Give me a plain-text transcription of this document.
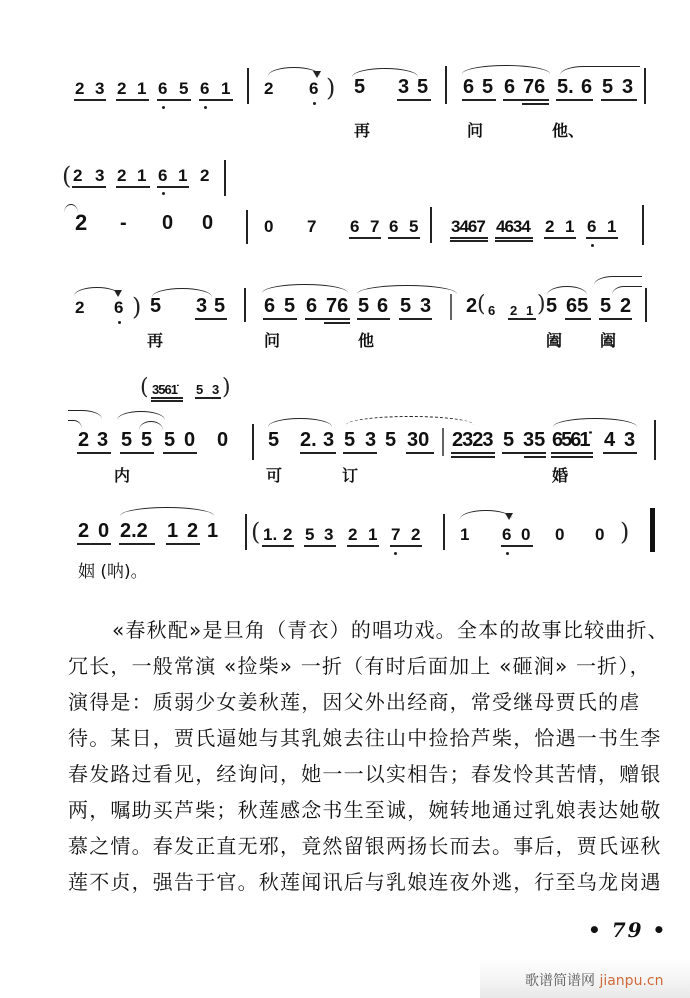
2 3 2 1 6 5 6 1 2 6 ) 5 3 5 6 5 6 76 5. 6 5 3
再	问	他、
( 2 3 2 1 6 1 2
2 - 0 0	0 7 6 7 6 5 3467 4634 2 1 6 1
2 6 ) 5 3 5 6 5 6 76 5 6 5 3 2 ( 6 2 1 ) 5 65 5 2
再	问	他	阖 阖
( 3561̇ 5 3 )
2 3 5 5 5 0 0 5 2. 3 5 3 5 30 2323 5 35 6561̇ 4 3
内	可	订	婚
2 0 2.2 1 2 1 ( 1. 2 5 3 2 1 7 2 1 6 0 0 0 )
姻 (呐)。

«春秋配»是旦角（青衣）的唱功戏。全本的故事比较曲折、

冗长，一般常演 «捡柴» 一折（有时后面加上 «砸涧» 一折），

演得是：质弱少女姜秋莲，因父外出经商，常受继母贾氏的虐

待。某日，贾氏逼她与其乳娘去往山中捡拾芦柴，恰遇一书生李

春发路过看见，经询问，她一一以实相告；春发怜其苦情，赠银

两，嘱助买芦柴；秋莲感念书生至诚，婉转地通过乳娘表达她敬

慕之情。春发正直无邪，竟然留银两扬长而去。事后，贾氏诬秋

莲不贞，强告于官。秋莲闻讯后与乳娘连夜外逃，行至乌龙岗遇

• 79 •
歌谱简谱网 jianpu.cn
